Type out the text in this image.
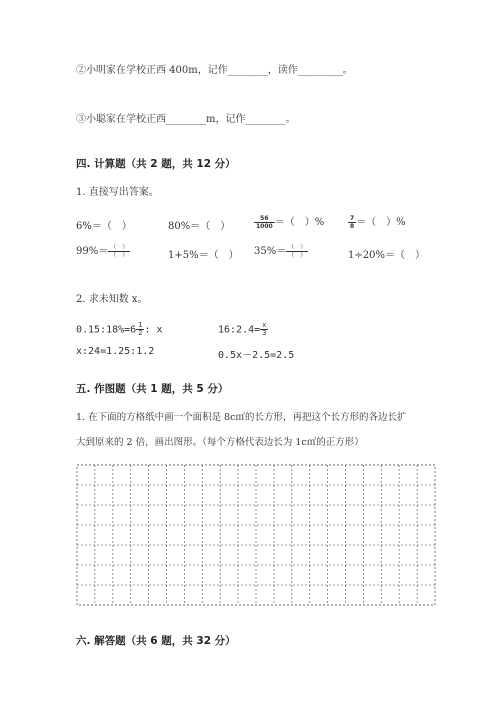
②小明家在学校正西 400m，记作________，读作_________。
③小聪家在学校正西________m，记作________。
四. 计算题（共 2 题，共 12 分）
1. 直接写出答案。
6%＝（　）	80%＝（　）	$\frac{56}{1000}$ ＝（　）%	$\frac{7}{8}$ ＝（　）%
$99\%= \frac{( )}{( )}$	1+5%＝（　） $35\%= \frac{( )}{( )}$	1÷20%＝（　）
2. 求未知数 x。
0.15:18%=6 $\frac{1}{2}$ : x	16:2.4= $\frac{x}{3}$
x:24=1.25:1.2	0.5x－2.5=2.5
五. 作图题（共 1 题，共 5 分）
1. 在下面的方格纸中画一个面积是 8c㎡的长方形，再把这个长方形的各边长扩
大到原来的 2 倍，画出图形。（每个方格代表边长为 1c㎡的正方形）
六. 解答题（共 6 题，共 32 分）
